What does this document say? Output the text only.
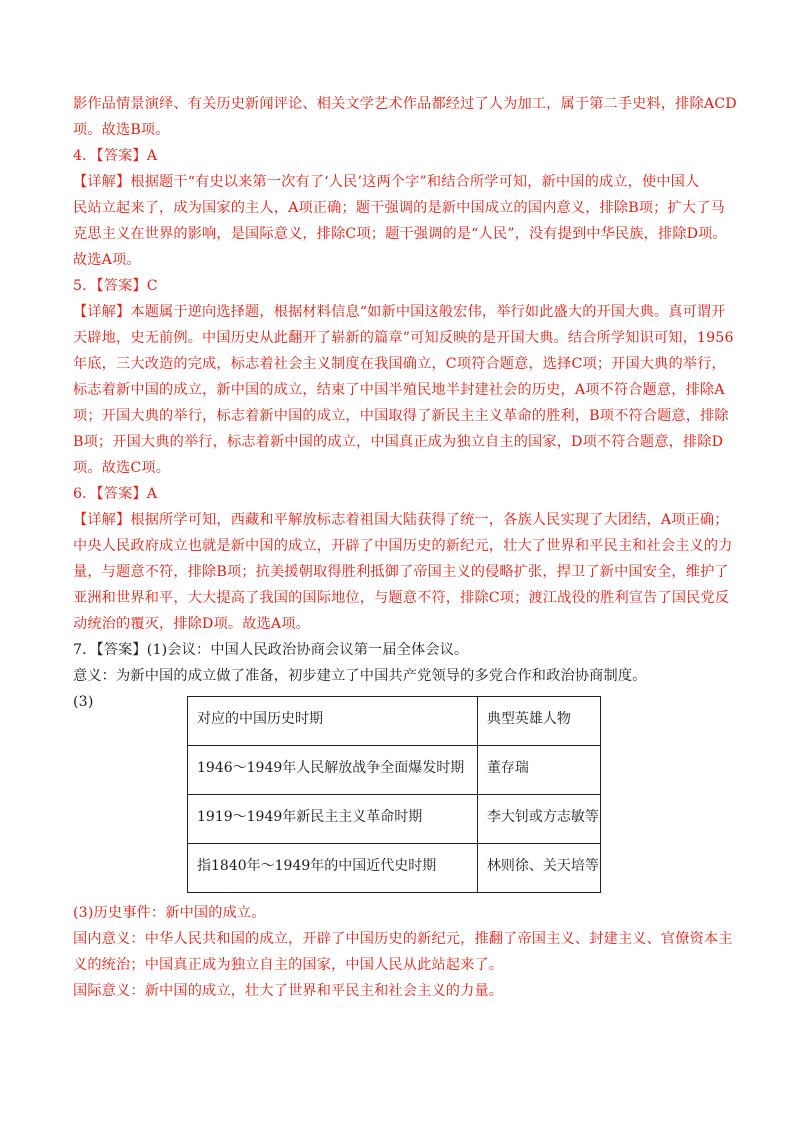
影作品情景演绎、有关历史新闻评论、相关文学艺术作品都经过了人为加工，属于第二手史料，排除ACD
项。故选B项。
4．【答案】A
【详解】根据题干“有史以来第一次有了‘人民’这两个字”和结合所学可知，新中国的成立，使中国人
民站立起来了，成为国家的主人，A项正确；题干强调的是新中国成立的国内意义，排除B项；扩大了马
克思主义在世界的影响，是国际意义，排除C项；题干强调的是“人民”，没有提到中华民族，排除D项。
故选A项。
5．【答案】C
【详解】本题属于逆向选择题，根据材料信息“如新中国这般宏伟，举行如此盛大的开国大典。真可谓开
天辟地，史无前例。中国历史从此翻开了崭新的篇章”可知反映的是开国大典。结合所学知识可知，1956
年底，三大改造的完成，标志着社会主义制度在我国确立，C项符合题意，选择C项；开国大典的举行，
标志着新中国的成立，新中国的成立，结束了中国半殖民地半封建社会的历史，A项不符合题意，排除A
项；开国大典的举行，标志着新中国的成立，中国取得了新民主主义革命的胜利，B项不符合题意，排除
B项；开国大典的举行，标志着新中国的成立，中国真正成为独立自主的国家，D项不符合题意，排除D
项。故选C项。
6．【答案】A
【详解】根据所学可知，西藏和平解放标志着祖国大陆获得了统一，各族人民实现了大团结，A项正确；
中央人民政府成立也就是新中国的成立，开辟了中国历史的新纪元，壮大了世界和平民主和社会主义的力
量，与题意不符，排除B项；抗美援朝取得胜利抵御了帝国主义的侵略扩张，捍卫了新中国安全，维护了
亚洲和世界和平，大大提高了我国的国际地位，与题意不符，排除C项；渡江战役的胜利宣告了国民党反
动统治的覆灭，排除D项。故选A项。
7．【答案】(1)会议：中国人民政治协商会议第一届全体会议。
意义：为新中国的成立做了准备，初步建立了中国共产党领导的多党合作和政治协商制度。
(3)
对应的中国历史时期	典型英雄人物
1946～1949年人民解放战争全面爆发时期	董存瑞
1919～1949年新民主主义革命时期	李大钊或方志敏等
指1840年～1949年的中国近代史时期	林则徐、关天培等
(3)历史事件：新中国的成立。
国内意义：中华人民共和国的成立，开辟了中国历史的新纪元，推翻了帝国主义、封建主义、官僚资本主
义的统治；中国真正成为独立自主的国家，中国人民从此站起来了。
国际意义：新中国的成立，壮大了世界和平民主和社会主义的力量。
